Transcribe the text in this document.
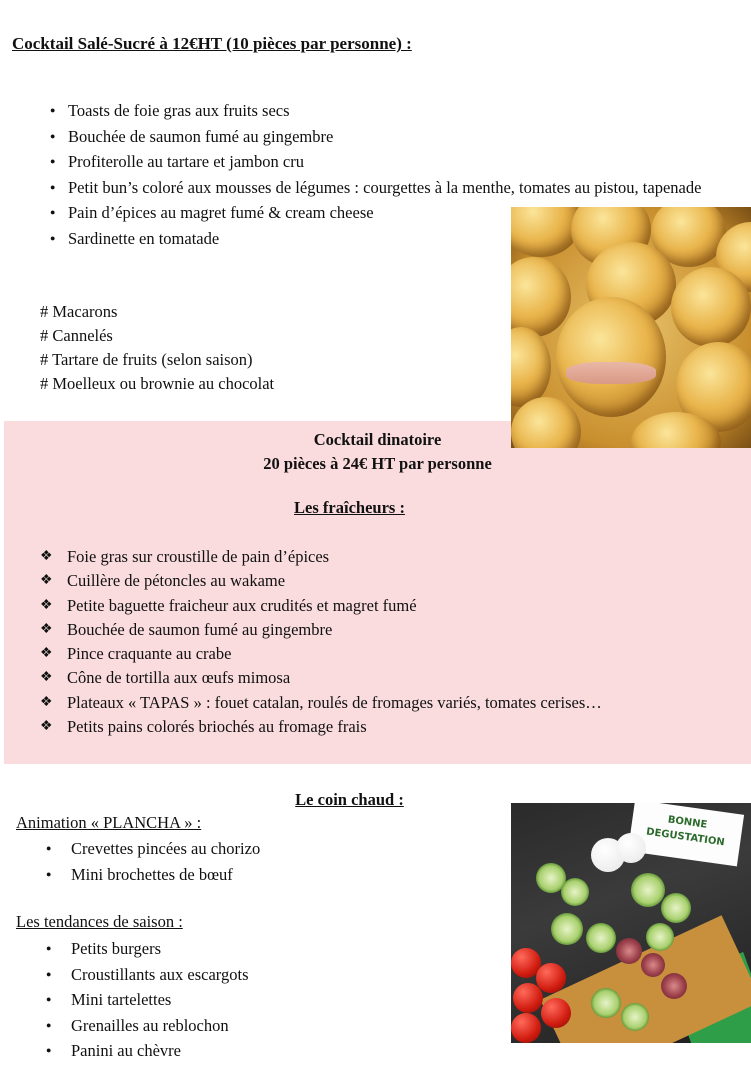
Cocktail Salé-Sucré à 12€HT (10 pièces par personne) :
● Toasts de foie gras aux fruits secs
● Bouchée de saumon fumé au gingembre
● Profiterolle au tartare et jambon cru
● Petit bun’s coloré aux mousses de légumes : courgettes à la menthe, tomates au pistou, tapenade
● Pain d’épices au magret fumé & cream cheese
● Sardinette en tomatade
# Macarons
# Cannelés
# Tartare de fruits (selon saison)
# Moelleux ou brownie au chocolat
Cocktail dinatoire
20 pièces à 24€ HT par personne
Les fraîcheurs :
❖ Foie gras sur croustille de pain d’épices
❖ Cuillère de pétoncles au wakame
❖ Petite baguette fraicheur aux crudités et magret fumé
❖ Bouchée de saumon fumé au gingembre
❖ Pince craquante au crabe
❖ Cône de tortilla aux œufs mimosa
❖ Plateaux « TAPAS » : fouet catalan, roulés de fromages variés, tomates cerises…
❖ Petits pains colorés briochés au fromage frais
Le coin chaud :
Animation « PLANCHA » :
● Crevettes pincées au chorizo
● Mini brochettes de bœuf
Les tendances de saison :
● Petits burgers
● Croustillants aux escargots
● Mini tartelettes
● Grenailles au reblochon
● Panini au chèvre
BONNE DEGUSTATION
